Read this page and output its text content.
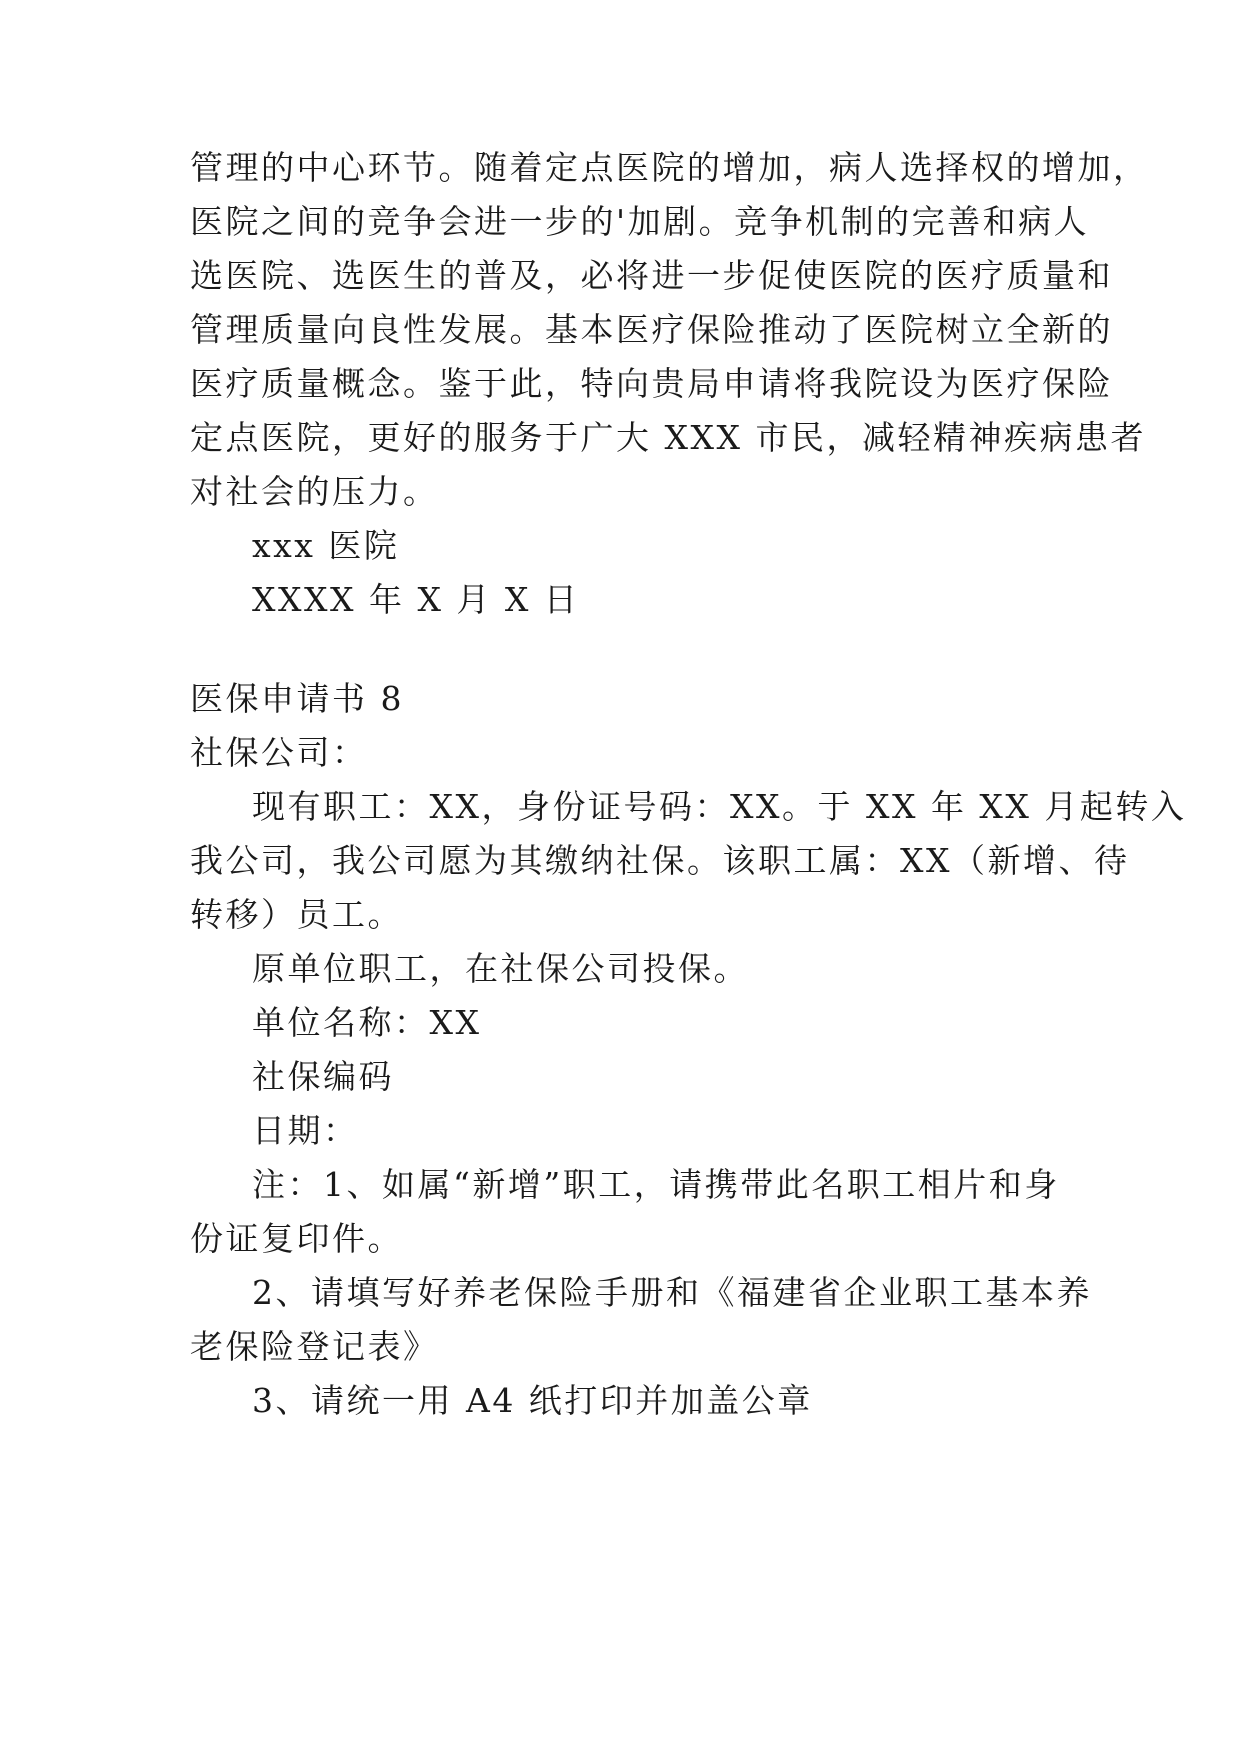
管理的中心环节。随着定点医院的增加，病人选择权的增加，
医院之间的竞争会进一步的'加剧。竞争机制的完善和病人
选医院、选医生的普及，必将进一步促使医院的医疗质量和
管理质量向良性发展。基本医疗保险推动了医院树立全新的
医疗质量概念。鉴于此，特向贵局申请将我院设为医疗保险
定点医院，更好的服务于广大 XXX 市民，减轻精神疾病患者
对社会的压力。
xxx 医院
XXXX 年 X 月 X 日
医保申请书 8
社保公司：
现有职工：XX，身份证号码：XX。于 XX 年 XX 月起转入
我公司，我公司愿为其缴纳社保。该职工属：XX（新增、待
转移）员工。
原单位职工，在社保公司投保。
单位名称：XX
社保编码
日期：
注：1、如属“新增”职工，请携带此名职工相片和身
份证复印件。
2、请填写好养老保险手册和《福建省企业职工基本养
老保险登记表》
3、请统一用 A4 纸打印并加盖公章
